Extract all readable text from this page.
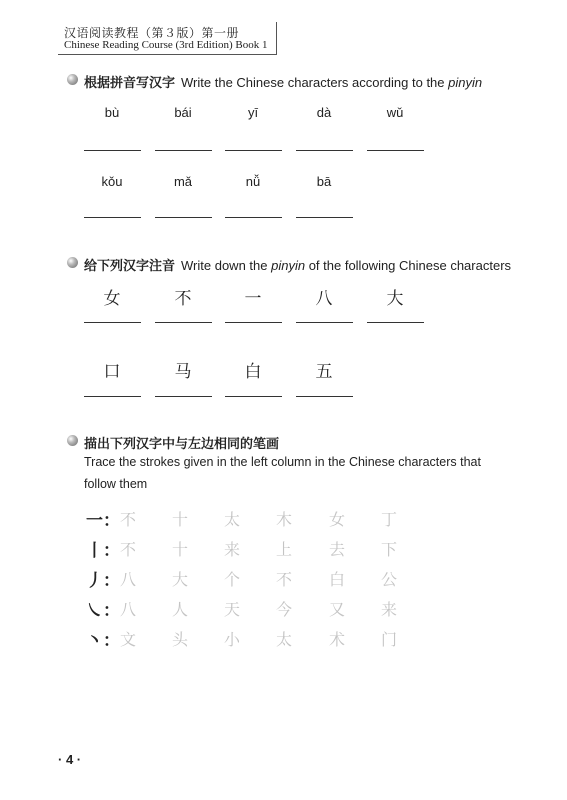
汉语阅读教程（第３版）第一册
Chinese Reading Course (3rd Edition) Book 1
根据拼音写汉字 Write the Chinese characters according to the pinyin
bù	bái	yī	dà	wǔ
kǒu	mǎ	nǚ	bā
给下列汉字注音 Write down the pinyin of the following Chinese characters
女	不	一	八	大
口	马	白	五
描出下列汉字中与左边相同的笔画
Trace the strokes given in the left column in the Chinese characters that
follow them
一： 不	十	太	木	女	丁
丨： 不	十	来	上	去	下
丿： 八	大	个	不	白	公
㇏： 八	人	天	今	又	来
丶： 文	头	小	太	术	门
· 4 ·
